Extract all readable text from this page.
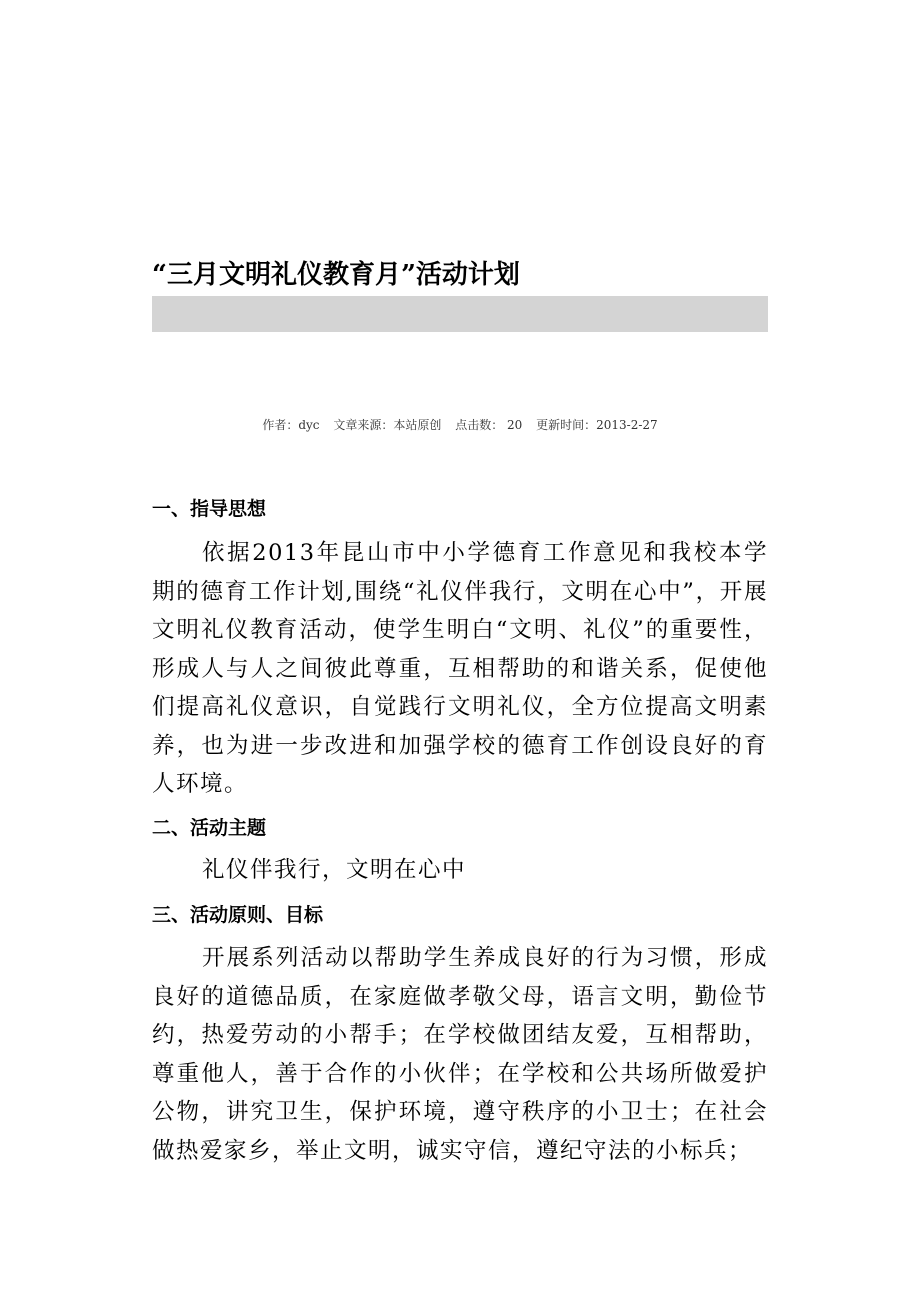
“三月文明礼仪教育月”活动计划
作者：dyc 文章来源：本站原创 点击数： 20 更新时间：2013-2-27
一、指导思想
依据2013年昆山市中小学德育工作意见和我校本学期的德育工作计划,围绕“礼仪伴我行，文明在心中”，开展文明礼仪教育活动，使学生明白“文明、礼仪”的重要性，形成人与人之间彼此尊重，互相帮助的和谐关系，促使他们提高礼仪意识，自觉践行文明礼仪，全方位提高文明素养，也为进一步改进和加强学校的德育工作创设良好的育人环境。
二、活动主题
礼仪伴我行，文明在心中
三、活动原则、目标
开展系列活动以帮助学生养成良好的行为习惯，形成良好的道德品质，在家庭做孝敬父母，语言文明，勤俭节约，热爱劳动的小帮手；在学校做团结友爱，互相帮助，尊重他人，善于合作的小伙伴；在学校和公共场所做爱护公物，讲究卫生，保护环境，遵守秩序的小卫士；在社会做热爱家乡，举止文明，诚实守信，遵纪守法的小标兵；
